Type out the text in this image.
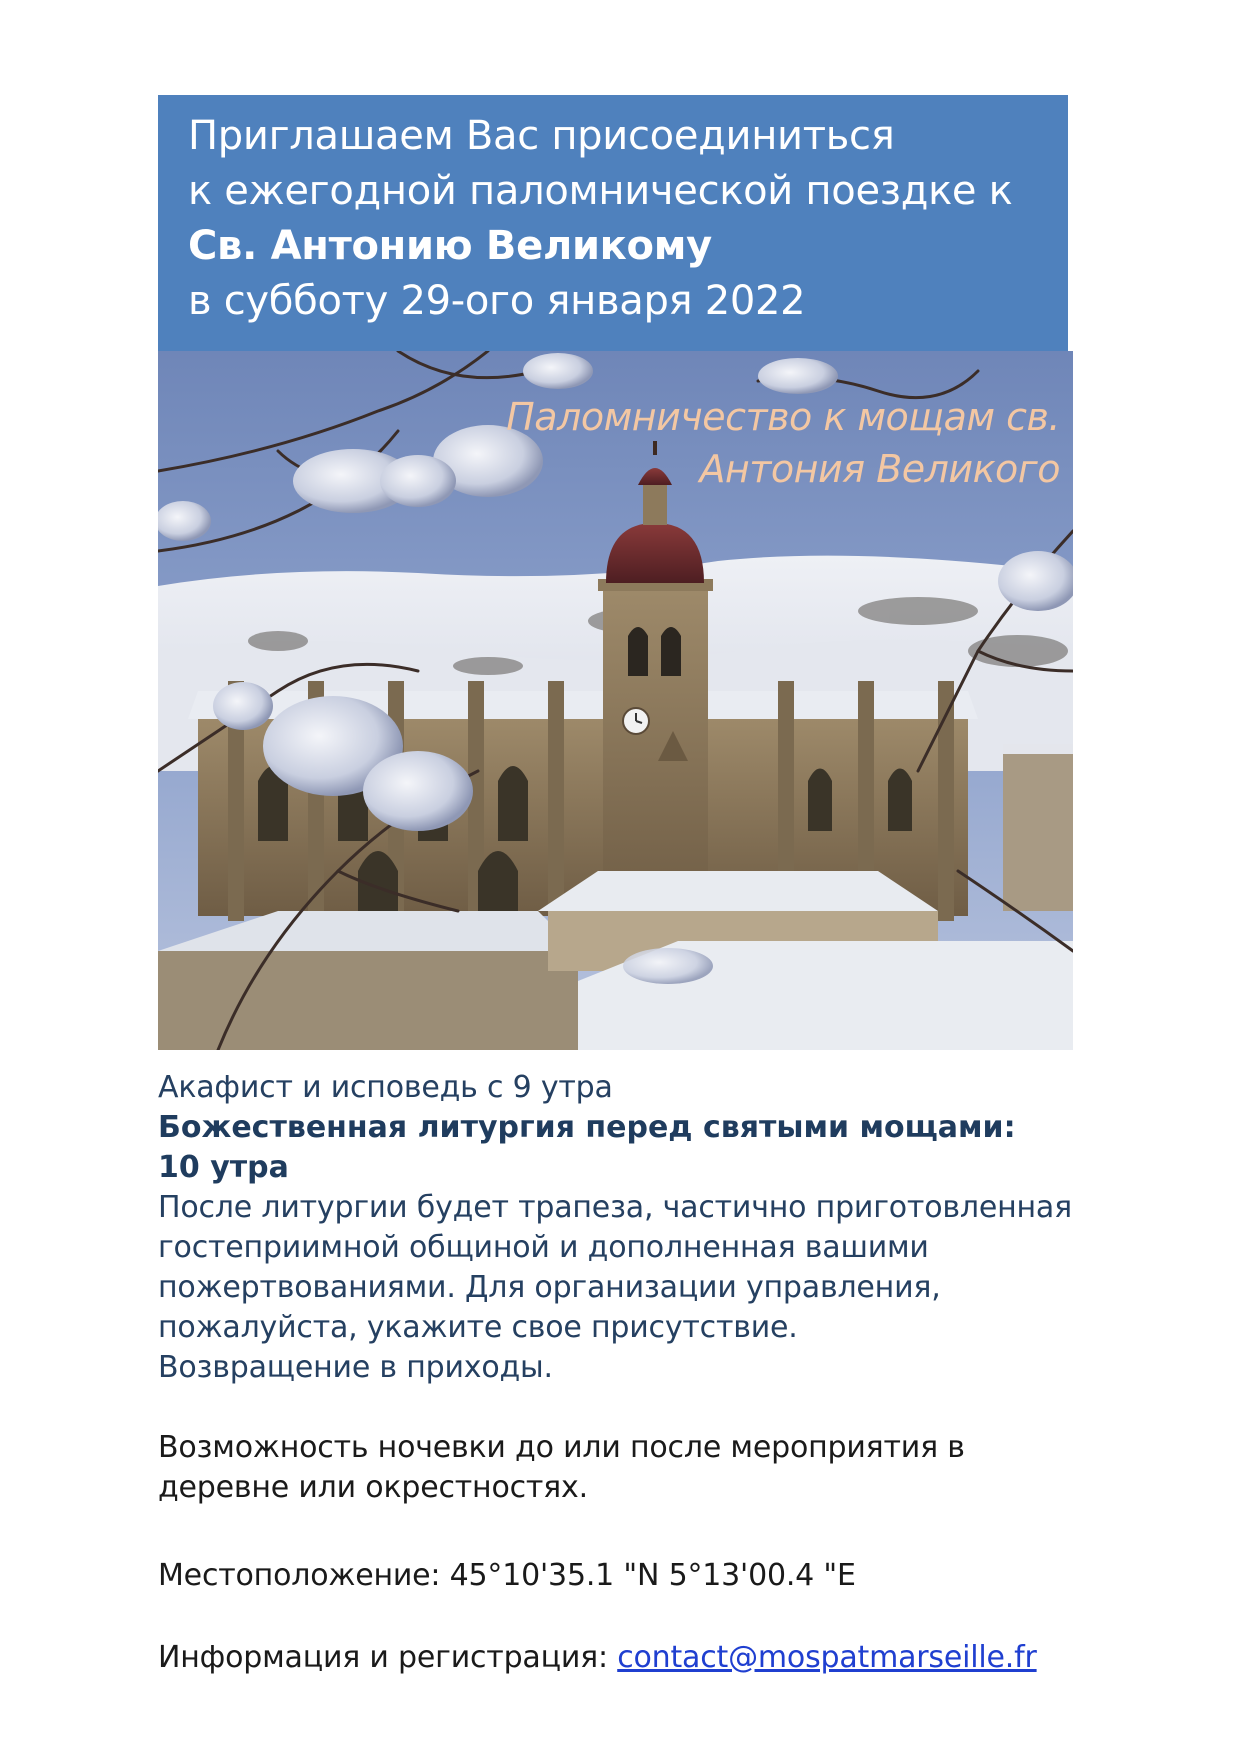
Приглашаем Вас присоединиться
к ежегодной паломнической поездке к
Св. Антонию Великому
в субботу 29-ого января 2022
Паломничество к мощам св.
Антония Великого
Акафист и исповедь с 9 утра
Божественная литургия перед святыми мощами:
10 утра
После литургии будет трапеза, частично приготовленная
гостеприимной общиной и дополненная вашими
пожертвованиями. Для организации управления,
пожалуйста, укажите свое присутствие.
Возвращение в приходы.
Возможность ночевки до или после мероприятия в
деревне или окрестностях.
Местоположение: 45°10'35.1 "N 5°13'00.4 "E
Информация и регистрация: contact@mospatmarseille.fr
